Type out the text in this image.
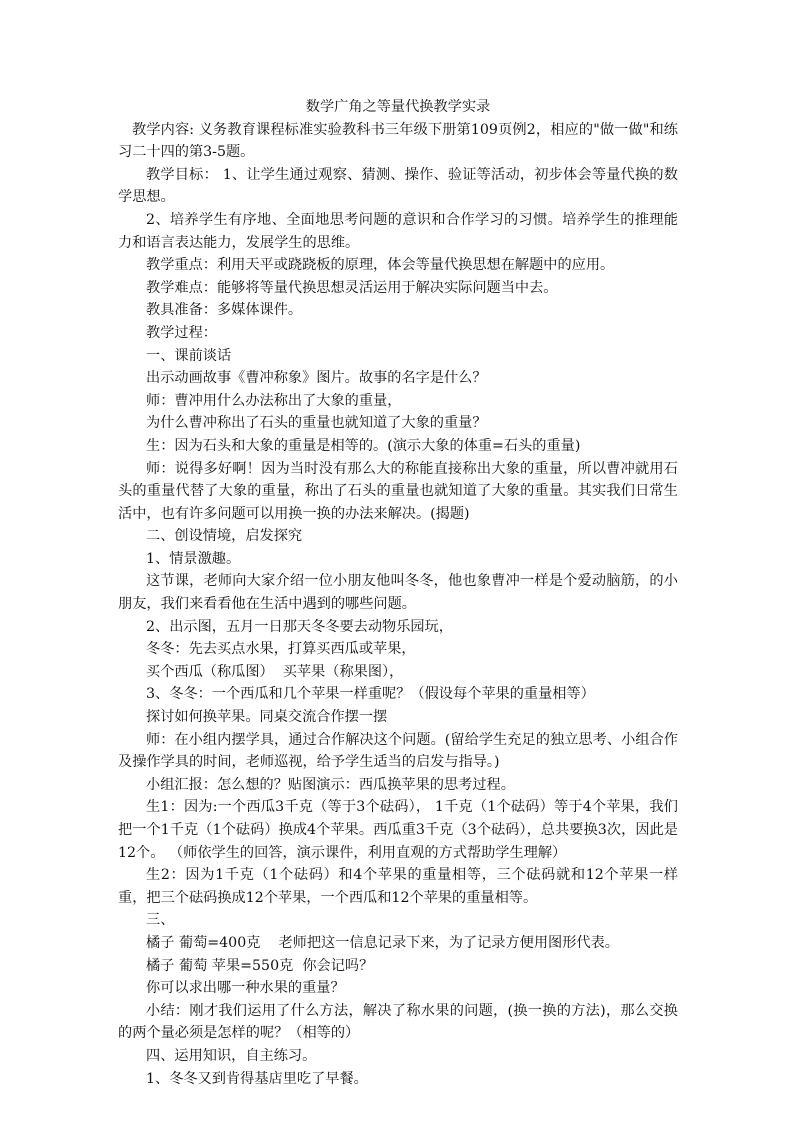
数学广角之等量代换教学实录

教学内容: 义务教育课程标准实验教科书三年级下册第109页例2，相应的"做一做"和练习二十四的第3-5题。

教学目标： 1、让学生通过观察、猜测、操作、验证等活动，初步体会等量代换的数学思想。

2、培养学生有序地、全面地思考问题的意识和合作学习的习惯。培养学生的推理能力和语言表达能力，发展学生的思维。

教学重点：利用天平或跷跷板的原理，体会等量代换思想在解题中的应用。

教学难点：能够将等量代换思想灵活运用于解决实际问题当中去。

教具准备：多媒体课件。

教学过程：

一、课前谈话

出示动画故事《曹冲称象》图片。故事的名字是什么？

师：曹冲用什么办法称出了大象的重量，

为什么曹冲称出了石头的重量也就知道了大象的重量？

生：因为石头和大象的重量是相等的。(演示大象的体重=石头的重量)

师：说得多好啊！因为当时没有那么大的称能直接称出大象的重量，所以曹冲就用石头的重量代替了大象的重量，称出了石头的重量也就知道了大象的重量。其实我们日常生活中，也有许多问题可以用换一换的办法来解决。(揭题)

二、创设情境，启发探究

1、情景激趣。

这节课，老师向大家介绍一位小朋友他叫冬冬，他也象曹冲一样是个爱动脑筋，的小朋友，我们来看看他在生活中遇到的哪些问题。

2、出示图，五月一日那天冬冬要去动物乐园玩，

冬冬：先去买点水果，打算买西瓜或苹果，

买个西瓜（称瓜图）  买苹果（称果图），

3、冬冬：一个西瓜和几个苹果一样重呢？（假设每个苹果的重量相等）

探讨如何换苹果。同桌交流合作摆一摆

师：在小组内摆学具，通过合作解决这个问题。(留给学生充足的独立思考、小组合作及操作学具的时间，老师巡视，给予学生适当的启发与指导。)

小组汇报：怎么想的？贴图演示：西瓜换苹果的思考过程。

生1：因为:一个西瓜3千克（等于3个砝码）， 1千克（1个砝码）等于4个苹果，我们把一个1千克（1个砝码）换成4个苹果。西瓜重3千克（3个砝码），总共要换3次，因此是12个。 （师依学生的回答，演示课件，利用直观的方式帮助学生理解）

生2：因为1千克（1个砝码）和4个苹果的重量相等，三个砝码就和12个苹果一样重，把三个砝码换成12个苹果，一个西瓜和12个苹果的重量相等。

三、

橘子 葡萄=400克    老师把这一信息记录下来，为了记录方便用图形代表。

橘子 葡萄 苹果=550克  你会记吗？

你可以求出哪一种水果的重量？

小结：刚才我们运用了什么方法，解决了称水果的问题，(换一换的方法)，那么交换的两个量必须是怎样的呢？（相等的）

四、运用知识，自主练习。

1、冬冬又到肯得基店里吃了早餐。
